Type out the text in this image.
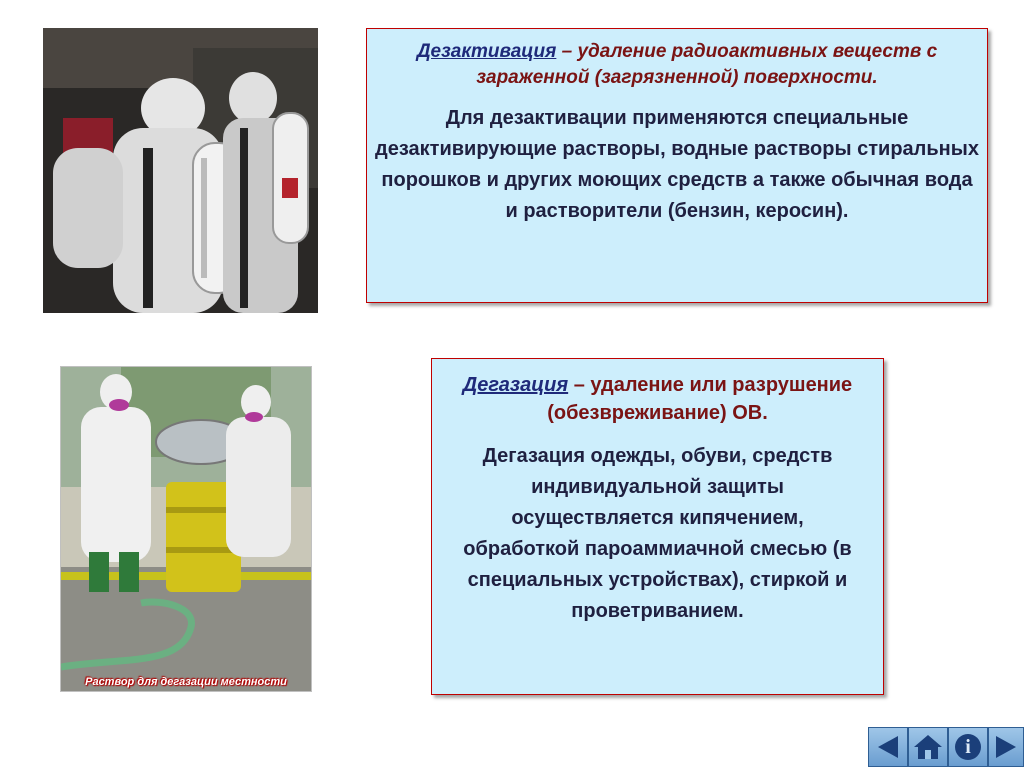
Раствор для дегазации местности
Дезактивация – удаление радиоактивных веществ с зараженной (загрязненной) поверхности.
Для дезактивации применяются специальные дезактивирующие растворы, водные растворы стиральных порошков и других моющих средств а также обычная вода и растворители (бензин, керосин).
Дегазация – удаление или разрушение (обезвреживание) ОВ.
Дегазация одежды, обуви, средств индивидуальной защиты осуществляется кипячением, обработкой пароаммиачной смесью (в специальных устройствах), стиркой и проветриванием.
i
